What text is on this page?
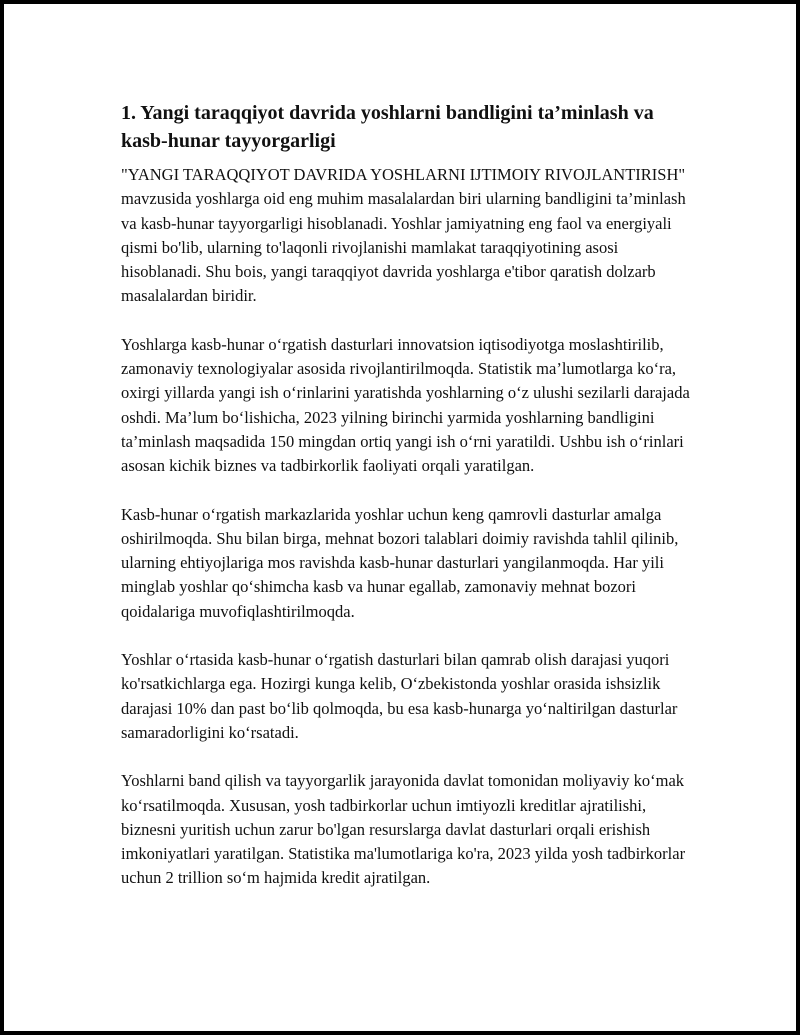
1. Yangi taraqqiyot davrida yoshlarni bandligini ta’minlash va kasb-hunar tayyorgarligi

"YANGI TARAQQIYOT DAVRIDA YOSHLARNI IJTIMOIY RIVOJLANTIRISH" mavzusida yoshlarga oid eng muhim masalalardan biri ularning bandligini ta’minlash va kasb-hunar tayyorgarligi hisoblanadi. Yoshlar jamiyatning eng faol va energiyali qismi bo'lib, ularning to'laqonli rivojlanishi mamlakat taraqqiyotining asosi hisoblanadi. Shu bois, yangi taraqqiyot davrida yoshlarga e'tibor qaratish dolzarb masalalardan biridir.

Yoshlarga kasb-hunar o‘rgatish dasturlari innovatsion iqtisodiyotga moslashtirilib, zamonaviy texnologiyalar asosida rivojlantirilmoqda. Statistik ma’lumotlarga ko‘ra, oxirgi yillarda yangi ish o‘rinlarini yaratishda yoshlarning o‘z ulushi sezilarli darajada oshdi. Ma’lum bo‘lishicha, 2023 yilning birinchi yarmida yoshlarning bandligini ta’minlash maqsadida 150 mingdan ortiq yangi ish o‘rni yaratildi. Ushbu ish o‘rinlari asosan kichik biznes va tadbirkorlik faoliyati orqali yaratilgan.

Kasb-hunar o‘rgatish markazlarida yoshlar uchun keng qamrovli dasturlar amalga oshirilmoqda. Shu bilan birga, mehnat bozori talablari doimiy ravishda tahlil qilinib, ularning ehtiyojlariga mos ravishda kasb-hunar dasturlari yangilanmoqda. Har yili minglab yoshlar qo‘shimcha kasb va hunar egallab, zamonaviy mehnat bozori qoidalariga muvofiqlashtirilmoqda.

Yoshlar o‘rtasida kasb-hunar o‘rgatish dasturlari bilan qamrab olish darajasi yuqori ko'rsatkichlarga ega. Hozirgi kunga kelib, O‘zbekistonda yoshlar orasida ishsizlik darajasi 10% dan past bo‘lib qolmoqda, bu esa kasb-hunarga yo‘naltirilgan dasturlar samaradorligini ko‘rsatadi.

Yoshlarni band qilish va tayyorgarlik jarayonida davlat tomonidan moliyaviy ko‘mak ko‘rsatilmoqda. Xususan, yosh tadbirkorlar uchun imtiyozli kreditlar ajratilishi, biznesni yuritish uchun zarur bo'lgan resurslarga davlat dasturlari orqali erishish imkoniyatlari yaratilgan. Statistika ma'lumotlariga ko'ra, 2023 yilda yosh tadbirkorlar uchun 2 trillion so‘m hajmida kredit ajratilgan.
